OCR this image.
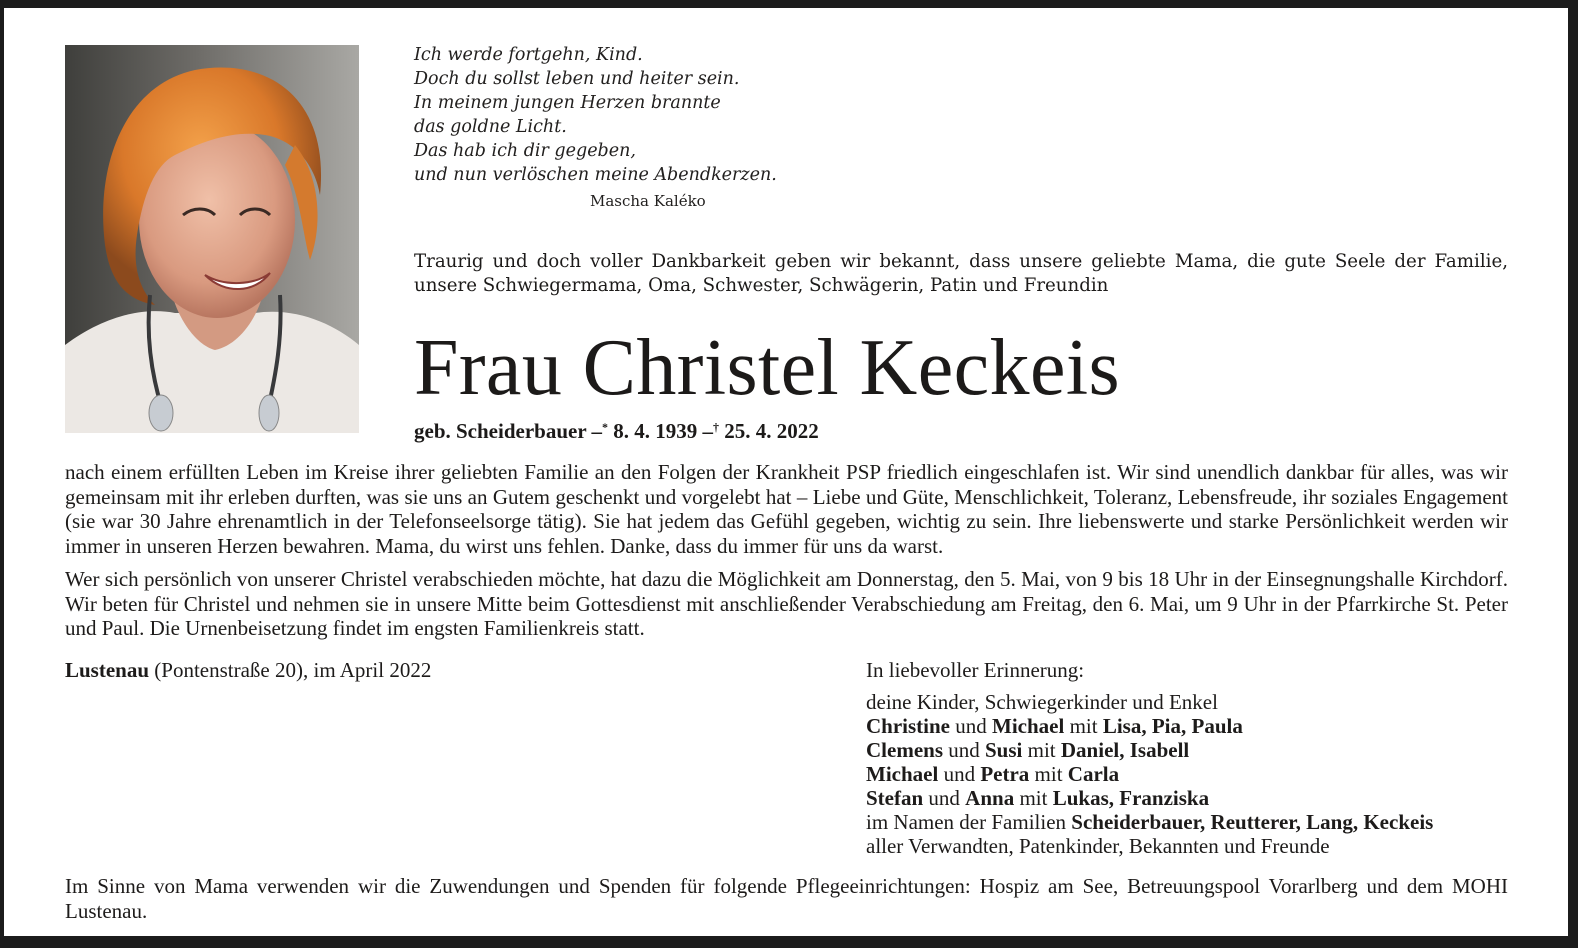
Ich werde fortgehn, Kind.
Doch du sollst leben und heiter sein.
In meinem jungen Herzen brannte
das goldne Licht.
Das hab ich dir gegeben,
und nun verlöschen meine Abendkerzen.
Mascha Kaléko
Traurig und doch voller Dankbarkeit geben wir bekannt, dass unsere geliebte Mama, die gute Seele der Familie,
unsere Schwiegermama, Oma, Schwester, Schwägerin, Patin und Freundin
Frau Christel Keckeis
geb. Scheiderbauer –* 8. 4. 1939 –† 25. 4. 2022
nach einem erfüllten Leben im Kreise ihrer geliebten Familie an den Folgen der Krankheit PSP friedlich eingeschlafen ist. Wir sind unendlich dankbar für alles, was wir gemeinsam mit ihr erleben durften, was sie uns an Gutem geschenkt und vorgelebt hat – Liebe und Güte, Menschlichkeit, Toleranz, Lebensfreude, ihr soziales Engagement (sie war 30 Jahre ehrenamtlich in der Telefonseelsorge tätig). Sie hat jedem das Gefühl gegeben, wichtig zu sein. Ihre liebenswerte und starke Persönlichkeit werden wir immer in unseren Herzen bewahren. Mama, du wirst uns fehlen. Danke, dass du immer für uns da warst.
Wer sich persönlich von unserer Christel verabschieden möchte, hat dazu die Möglichkeit am Donnerstag, den 5. Mai, von 9 bis 18 Uhr in der Einsegnungshalle Kirchdorf. Wir beten für Christel und nehmen sie in unsere Mitte beim Gottesdienst mit anschließender Verabschiedung am Freitag, den 6. Mai, um 9 Uhr in der Pfarrkirche St. Peter und Paul. Die Urnenbeisetzung findet im engsten Familienkreis statt.
Lustenau (Pontenstraße 20), im April 2022	In liebevoller Erinnerung:
deine Kinder, Schwiegerkinder und Enkel
Christine und Michael mit Lisa, Pia, Paula
Clemens und Susi mit Daniel, Isabell
Michael und Petra mit Carla
Stefan und Anna mit Lukas, Franziska
im Namen der Familien Scheiderbauer, Reutterer, Lang, Keckeis
aller Verwandten, Patenkinder, Bekannten und Freunde
Im Sinne von Mama verwenden wir die Zuwendungen und Spenden für folgende Pflegeeinrichtungen: Hospiz am See, Betreuungspool Vorarlberg und dem MOHI Lustenau.
